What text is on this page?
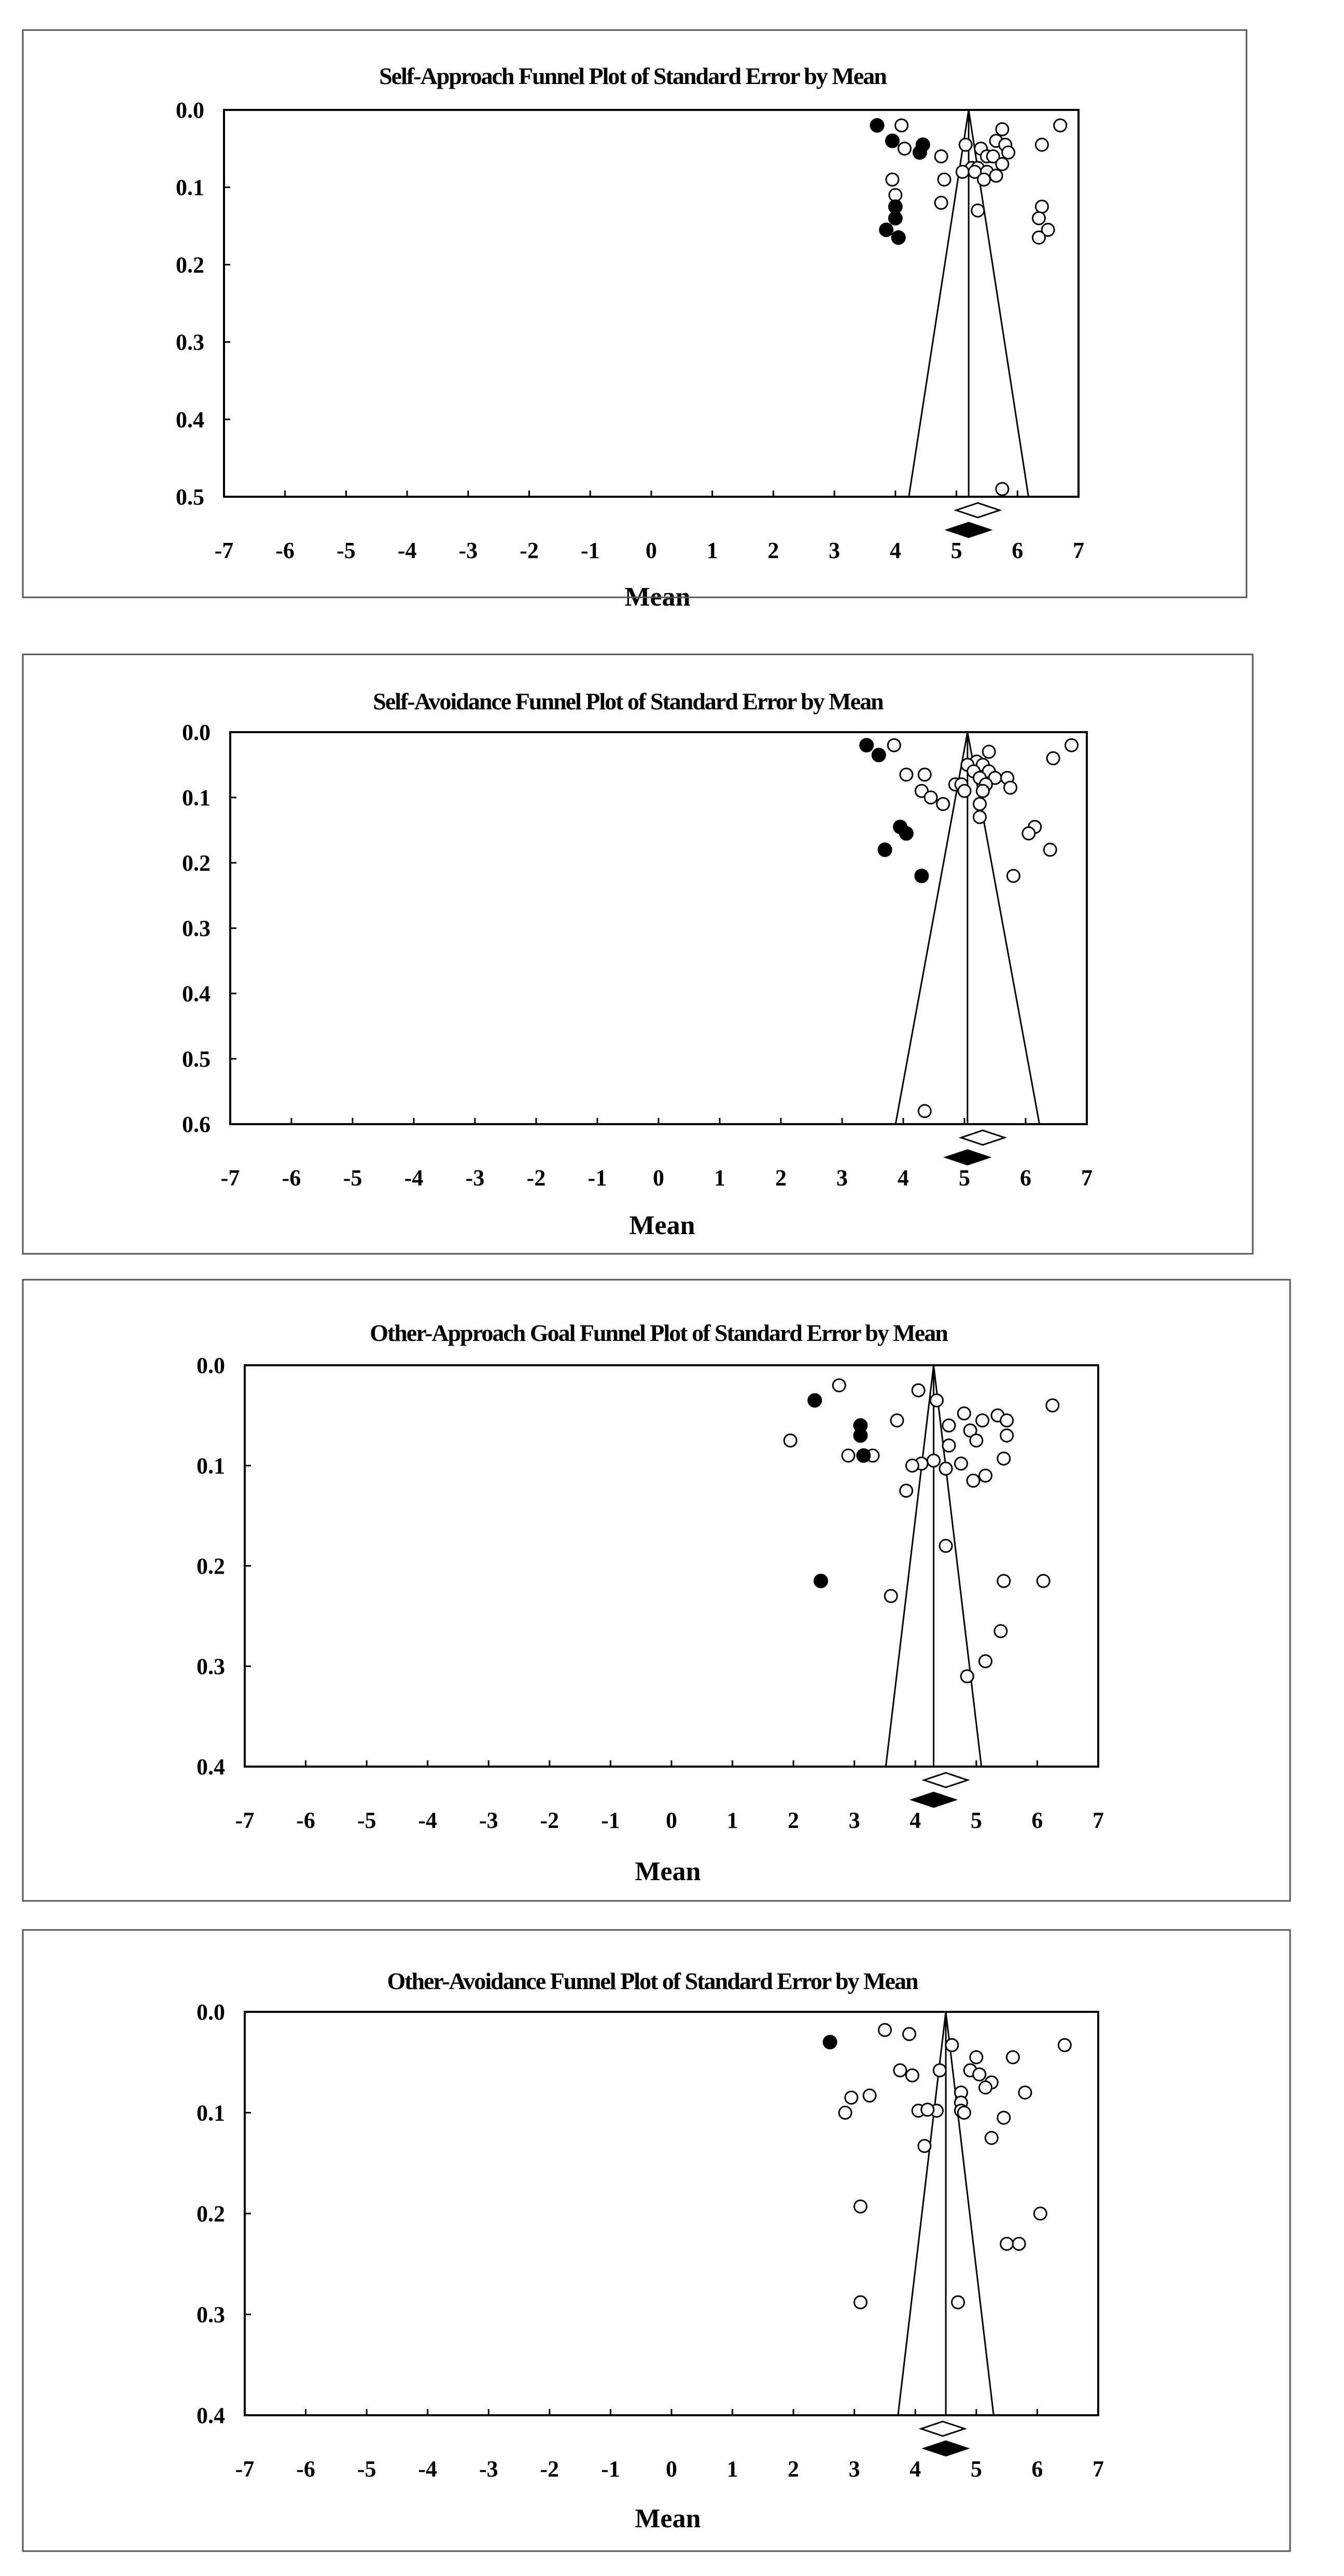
Self-Approach Funnel Plot of Standard Error by Mean
Mean
0.0
0.1
0.2
0.3
0.4
0.5
-7 -6 -5 -4 -3 -2 -1 0 1 2 3 4 5 6 7
Self-Avoidance Funnel Plot of Standard Error by Mean
Mean
0.0
0.1
0.2
0.3
0.4
0.5
0.6
-7 -6 -5 -4 -3 -2 -1 0 1 2 3 4 5 6 7
Other-Approach Goal Funnel Plot of Standard Error by Mean
Mean
0.0
0.1
0.2
0.3
0.4
-7 -6 -5 -4 -3 -2 -1 0 1 2 3 4 5 6 7
Other-Avoidance Funnel Plot of Standard Error by Mean
Mean
0.0
0.1
0.2
0.3
0.4
-7 -6 -5 -4 -3 -2 -1 0 1 2 3 4 5 6 7
